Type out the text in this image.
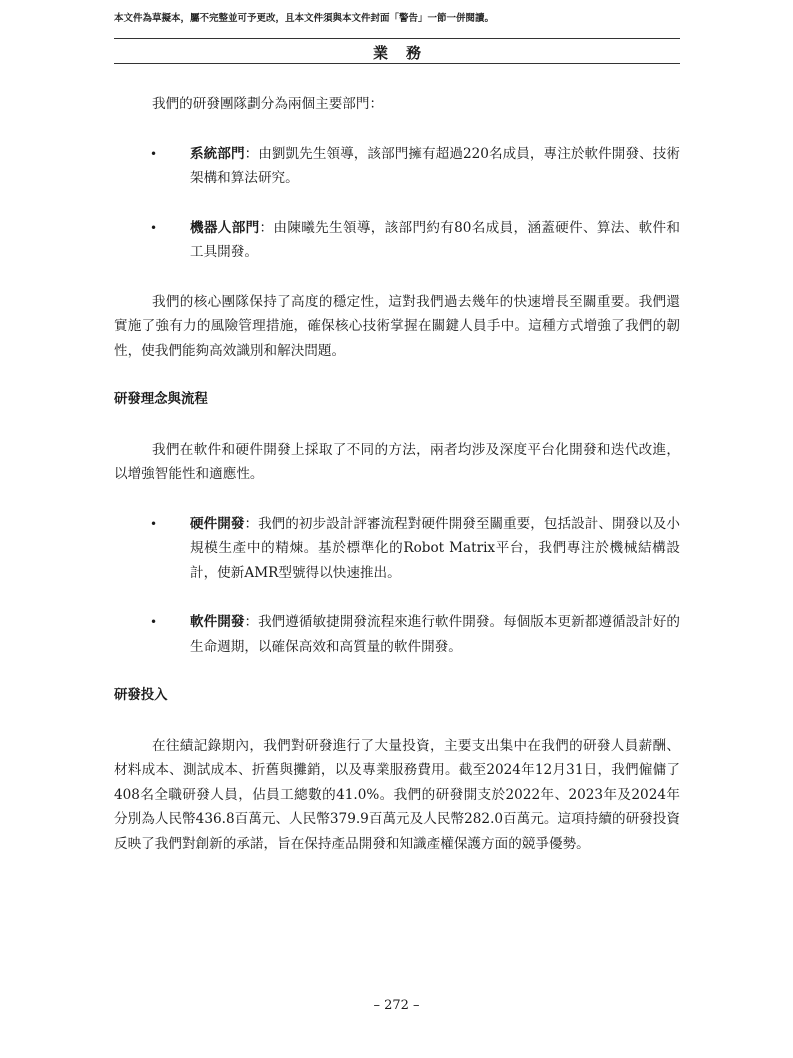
本文件為草擬本，屬不完整並可予更改，且本文件須與本文件封面「警告」一節一併閱讀。
業務

我們的研發團隊劃分為兩個主要部門：

• 系統部門：由劉凱先生領導，該部門擁有超過220名成員，專注於軟件開發、技術架構和算法研究。
• 機器人部門：由陳曦先生領導，該部門約有80名成員，涵蓋硬件、算法、軟件和工具開發。

我們的核心團隊保持了高度的穩定性，這對我們過去幾年的快速增長至關重要。我們還實施了強有力的風險管理措施，確保核心技術掌握在關鍵人員手中。這種方式增強了我們的韌性，使我們能夠高效識別和解決問題。

研發理念與流程

我們在軟件和硬件開發上採取了不同的方法，兩者均涉及深度平台化開發和迭代改進，以增強智能性和適應性。

• 硬件開發：我們的初步設計評審流程對硬件開發至關重要，包括設計、開發以及小規模生產中的精煉。基於標準化的Robot Matrix平台，我們專注於機械結構設計，使新AMR型號得以快速推出。
• 軟件開發：我們遵循敏捷開發流程來進行軟件開發。每個版本更新都遵循設計好的生命週期，以確保高效和高質量的軟件開發。

研發投入

在往績記錄期內，我們對研發進行了大量投資，主要支出集中在我們的研發人員薪酬、材料成本、測試成本、折舊與攤銷，以及專業服務費用。截至2024年12月31日，我們僱傭了408名全職研發人員，佔員工總數的41.0%。我們的研發開支於2022年、2023年及2024年分別為人民幣436.8百萬元、人民幣379.9百萬元及人民幣282.0百萬元。這項持續的研發投資反映了我們對創新的承諾，旨在保持產品開發和知識產權保護方面的競爭優勢。

– 272 –
